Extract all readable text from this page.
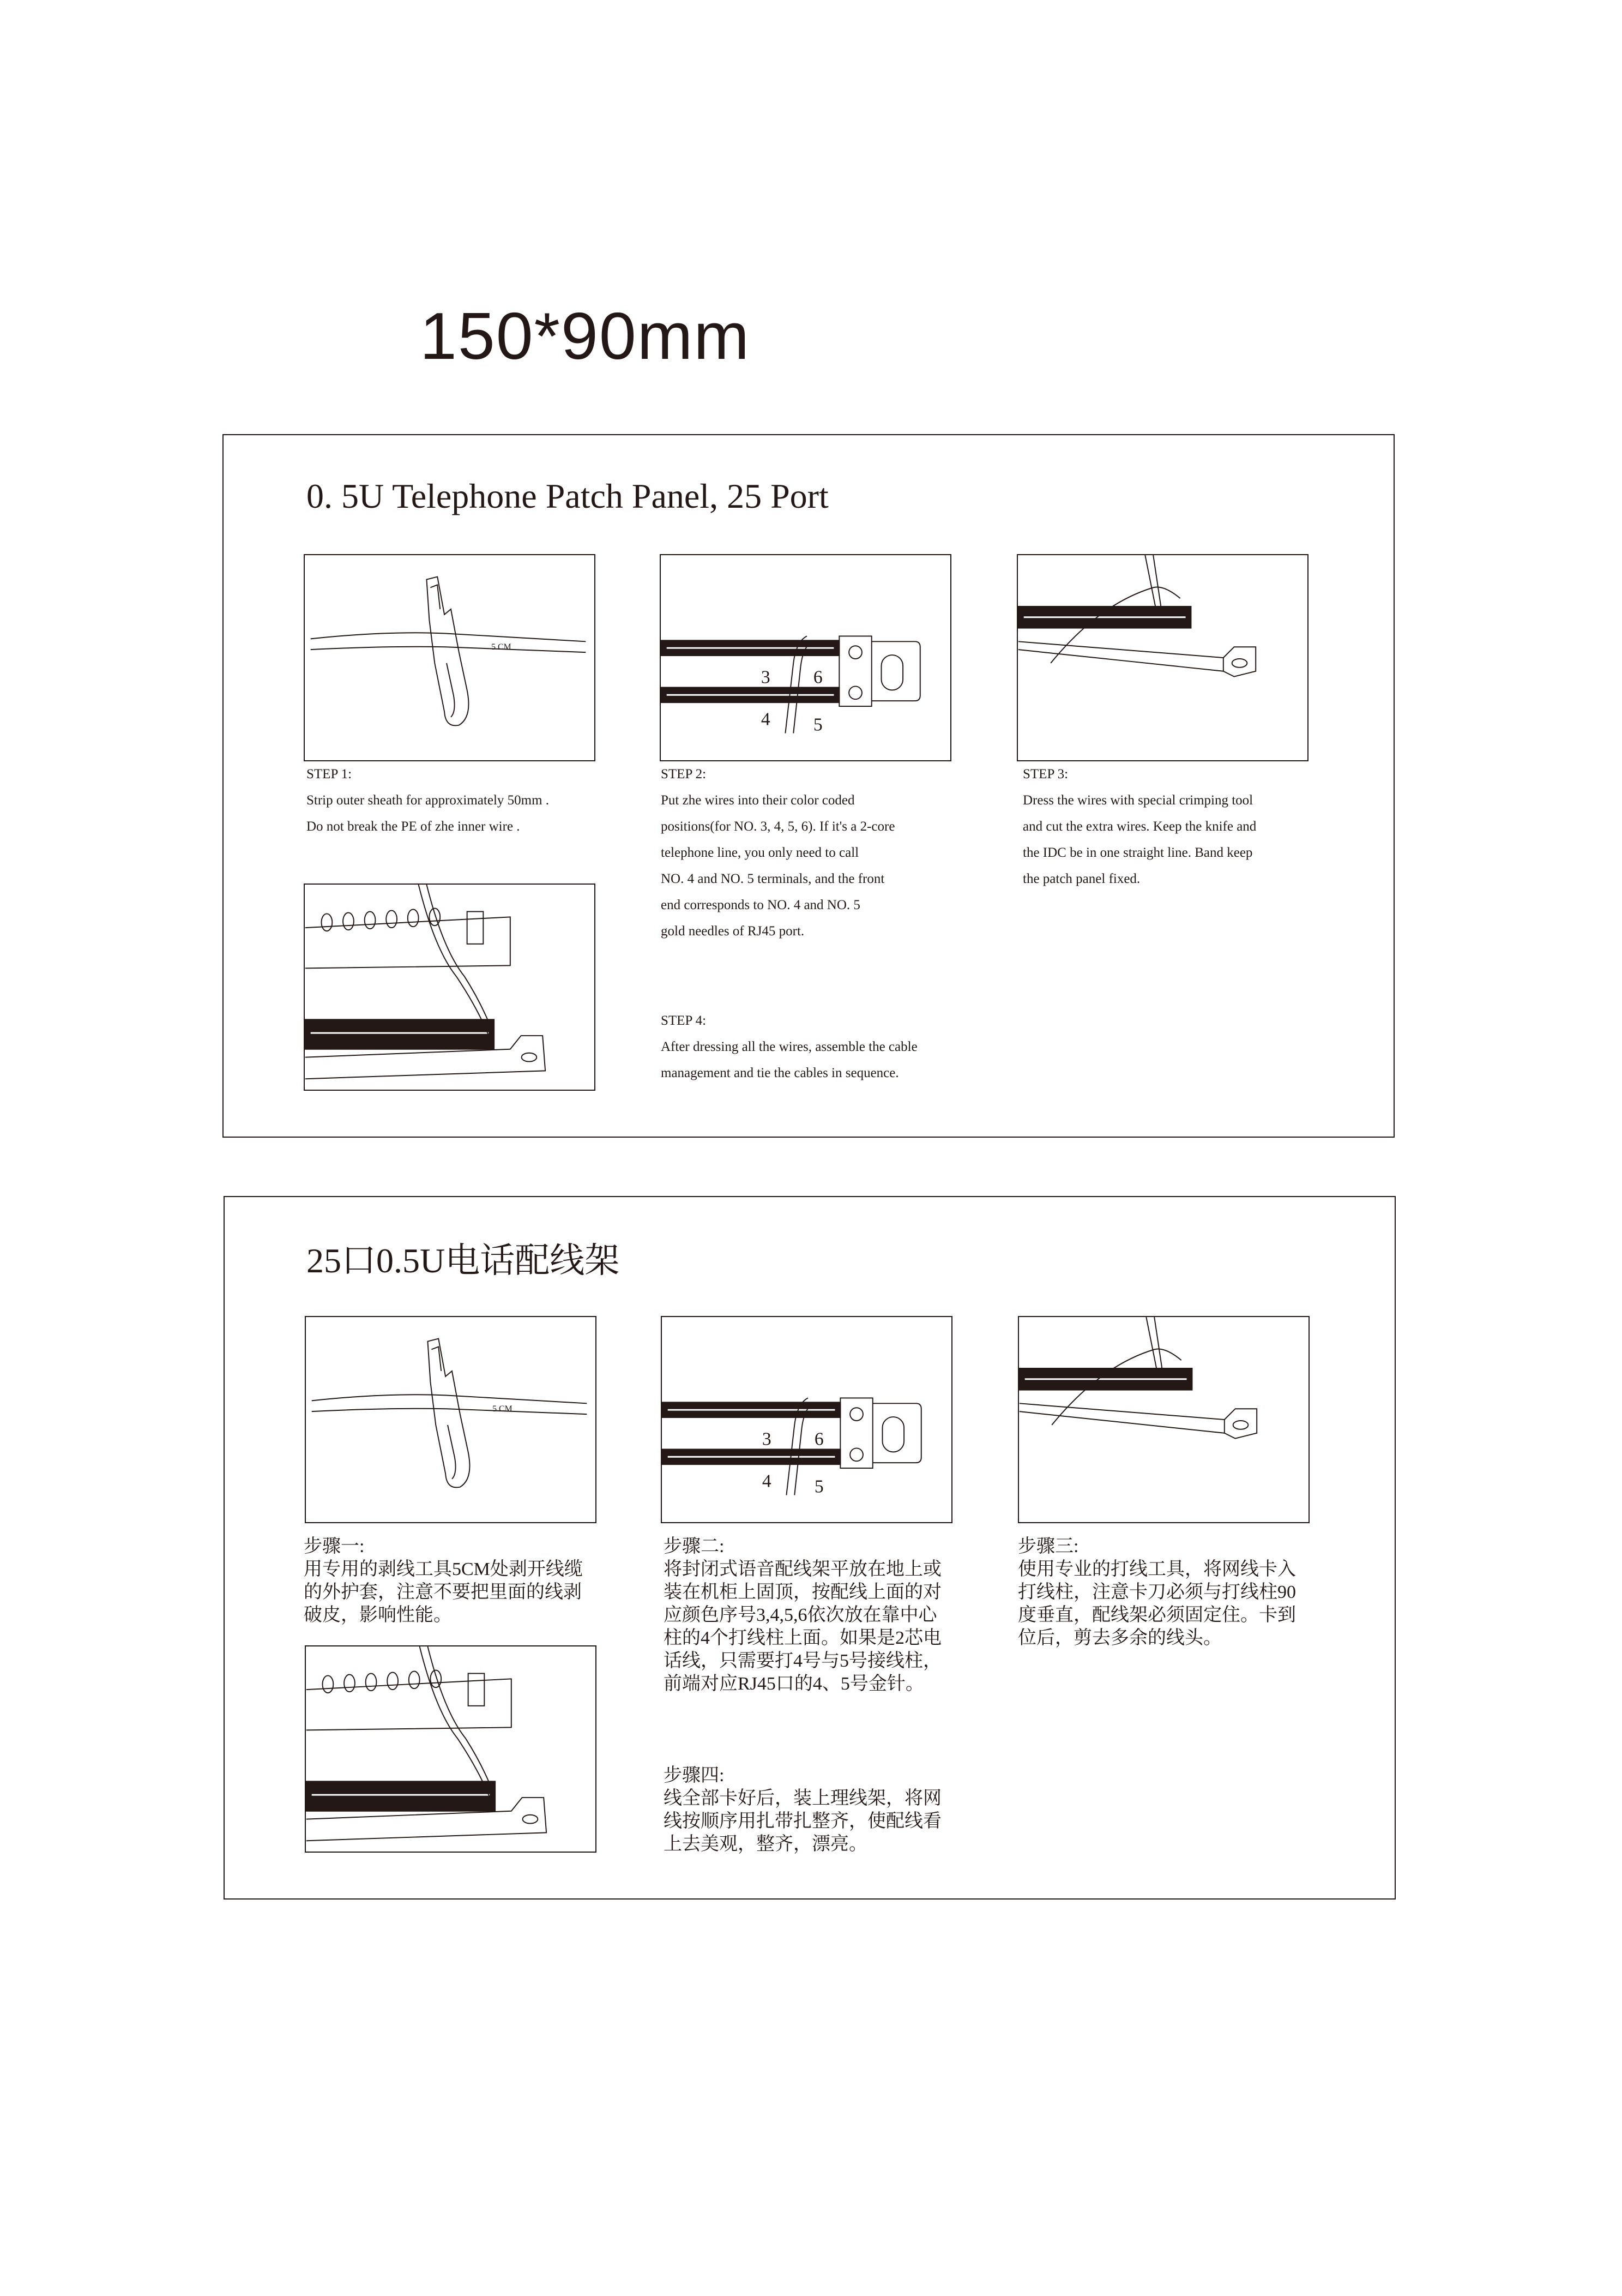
150*90mm
0. 5U Telephone Patch Panel, 25 Port
5 CM
3 6
4 5
STEP 1:
Strip outer sheath for approximately 50mm .
Do not break the PE of zhe inner wire .
STEP 2:
Put zhe wires into their color coded
positions(for NO. 3, 4, 5, 6). If it's a 2-core
telephone line, you only need to call
NO. 4 and NO. 5 terminals, and the front
end corresponds to NO. 4 and NO. 5
gold needles of RJ45 port.
STEP 3:
Dress the wires with special crimping tool
and cut the extra wires. Keep the knife and
the IDC be in one straight line. Band keep
the patch panel fixed.
STEP 4:
After dressing all the wires, assemble the cable
management and tie the cables in sequence.
25口0.5U电话配线架
5 CM
3 6
4 5
步骤一:
用专用的剥线工具5CM处剥开线缆
的外护套，注意不要把里面的线剥
破皮，影响性能。
步骤二:
将封闭式语音配线架平放在地上或
装在机柜上固顶，按配线上面的对
应颜色序号3,4,5,6依次放在靠中心
柱的4个打线柱上面。如果是2芯电
话线，只需要打4号与5号接线柱，
前端对应RJ45口的4、5号金针。
步骤三:
使用专业的打线工具，将网线卡入
打线柱，注意卡刀必须与打线柱90
度垂直，配线架必须固定住。卡到
位后，剪去多余的线头。
步骤四:
线全部卡好后，装上理线架，将网
线按顺序用扎带扎整齐，使配线看
上去美观，整齐，漂亮。
